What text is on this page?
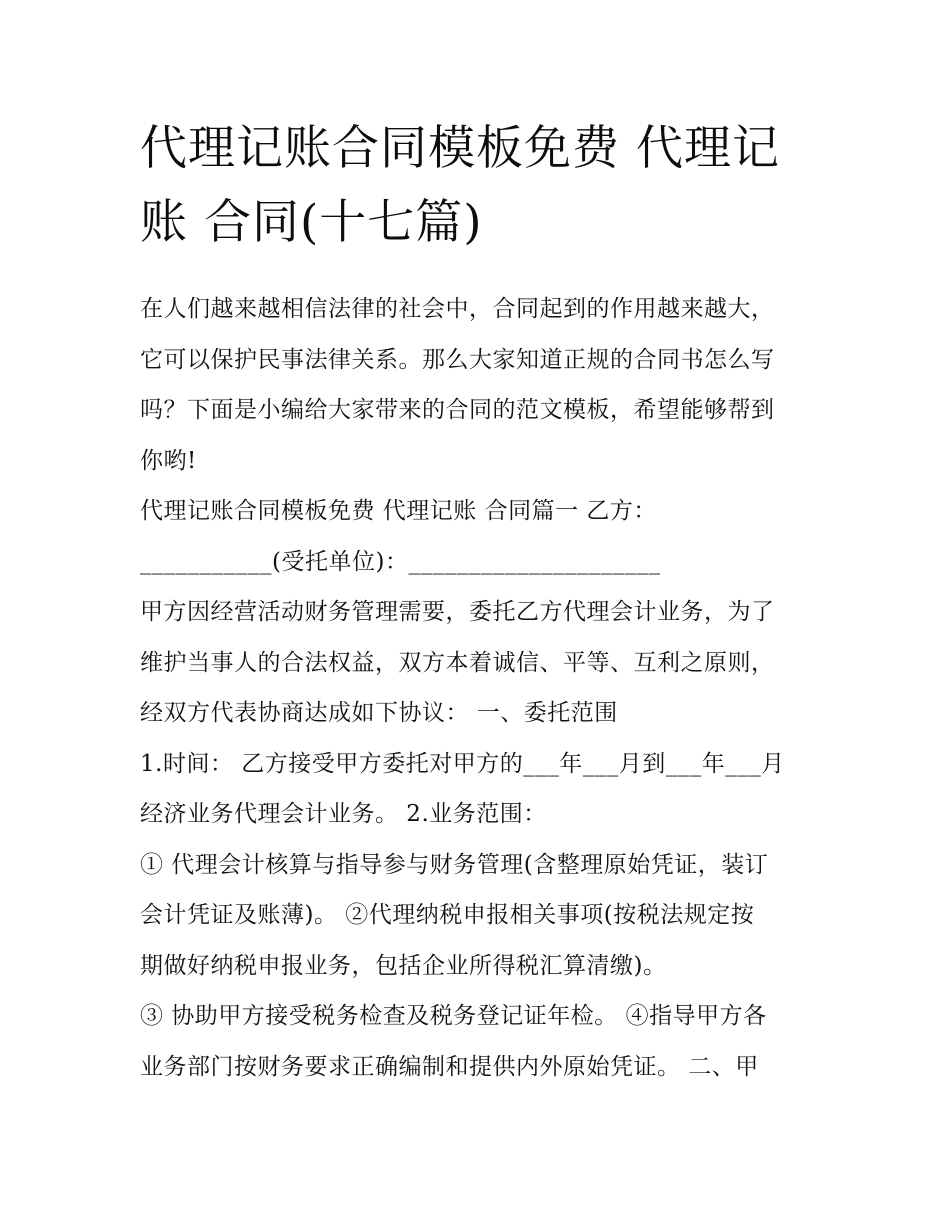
代理记账合同模板免费 代理记
账 合同(十七篇)

在人们越来越相信法律的社会中，合同起到的作用越来越大，
它可以保护民事法律关系。那么大家知道正规的合同书怎么写
吗？下面是小编给大家带来的合同的范文模板，希望能够帮到
你哟!

代理记账合同模板免费 代理记账 合同篇一 乙方：
___________(受托单位)：_____________________

甲方因经营活动财务管理需要，委托乙方代理会计业务，为了
维护当事人的合法权益，双方本着诚信、平等、互利之原则，
经双方代表协商达成如下协议： 一、委托范围

1.时间： 乙方接受甲方委托对甲方的___年___月到___年___月
经济业务代理会计业务。 2.业务范围：

① 代理会计核算与指导参与财务管理(含整理原始凭证，装订
会计凭证及账薄)。 ②代理纳税申报相关事项(按税法规定按
期做好纳税申报业务，包括企业所得税汇算清缴)。

③ 协助甲方接受税务检查及税务登记证年检。 ④指导甲方各
业务部门按财务要求正确编制和提供内外原始凭证。 二、甲
